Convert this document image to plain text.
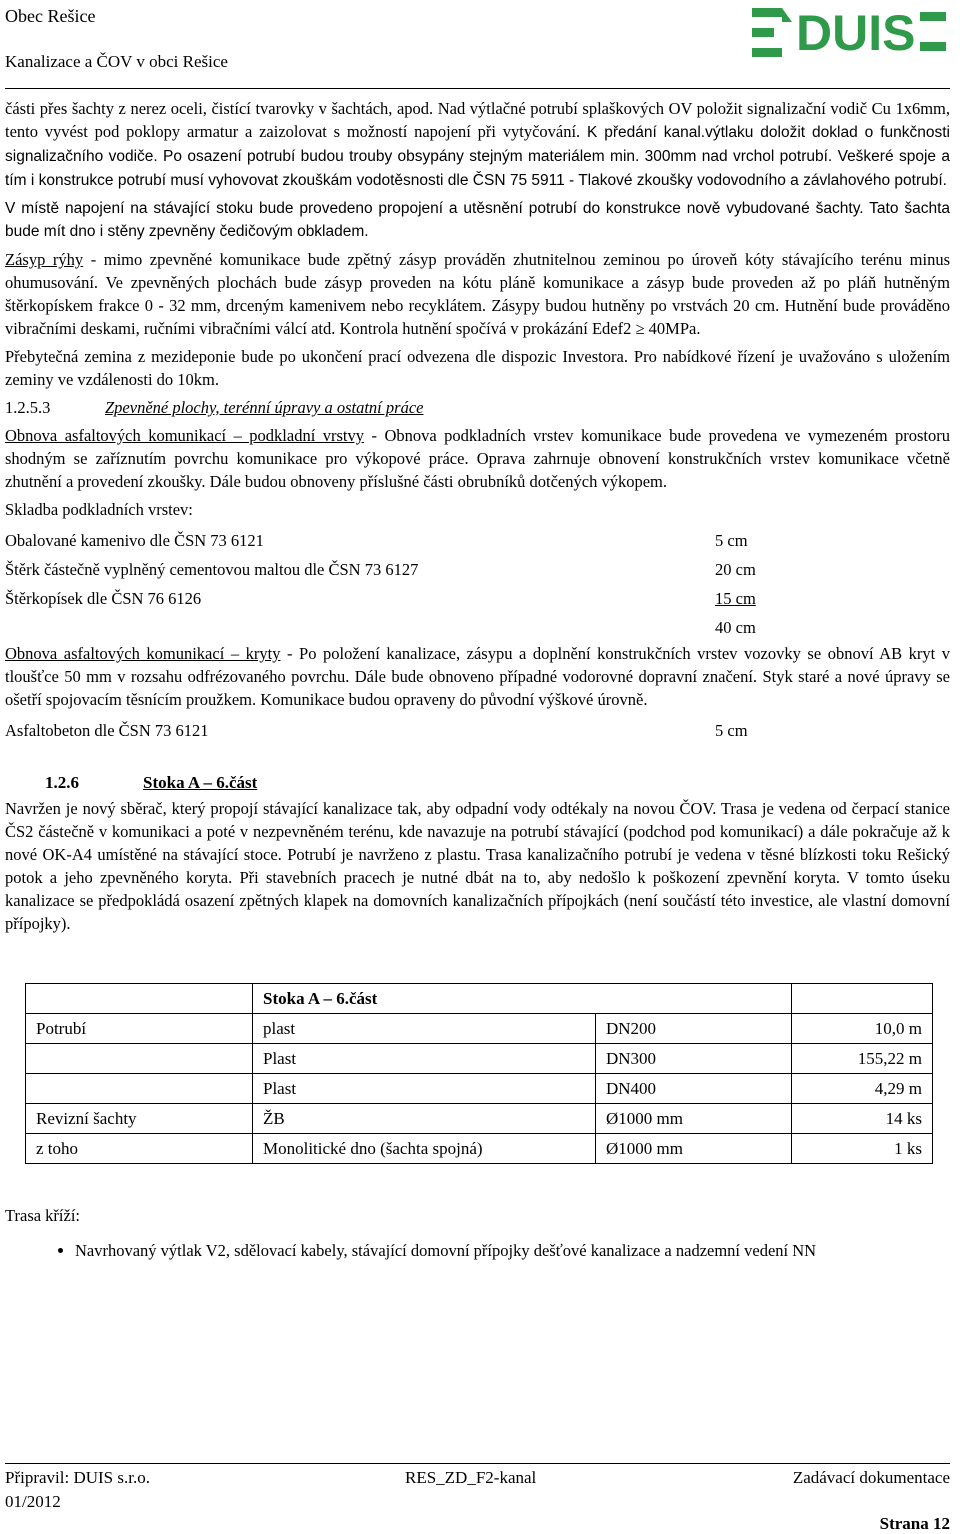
Obec Rešice
Kanalizace a ČOV v obci Rešice
DUIS

části přes šachty z nerez oceli, čistící tvarovky v šachtách, apod. Nad výtlačné potrubí splaškových OV položit signalizační vodič Cu 1x6mm, tento vyvést pod poklopy armatur a zaizolovat s možností napojení při vytyčování. K předání kanal.výtlaku doložit doklad o funkčnosti signalizačního vodiče. Po osazení potrubí budou trouby obsypány stejným materiálem min. 300mm nad vrchol potrubí. Veškeré spoje a tím i konstrukce potrubí musí vyhovovat zkouškám vodotěsnosti dle ČSN 75 5911 - Tlakové zkoušky vodovodního a závlahového potrubí.

V místě napojení na stávající stoku bude provedeno propojení a utěsnění potrubí do konstrukce nově vybudované šachty. Tato šachta bude mít dno i stěny zpevněny čedičovým obkladem.

Zásyp rýhy - mimo zpevněné komunikace bude zpětný zásyp prováděn zhutnitelnou zeminou po úroveň kóty stávajícího terénu minus ohumusování. Ve zpevněných plochách bude zásyp proveden na kótu pláně komunikace a zásyp bude proveden až po pláň hutněným štěrkopískem frakce 0 - 32 mm, drceným kamenivem nebo recyklátem. Zásypy budou hutněny po vrstvách 20 cm. Hutnění bude prováděno vibračními deskami, ručními vibračními válcí atd. Kontrola hutnění spočívá v prokázání Edef2 ≥ 40MPa.

Přebytečná zemina z mezideponie bude po ukončení prací odvezena dle dispozic Investora. Pro nabídkové řízení je uvažováno s uložením zeminy ve vzdálenosti do 10km.

1.2.5.3	Zpevněné plochy, terénní úpravy a ostatní práce

Obnova asfaltových komunikací – podkladní vrstvy - Obnova podkladních vrstev komunikace bude provedena ve vymezeném prostoru shodným se zaříznutím povrchu komunikace pro výkopové práce. Oprava zahrnuje obnovení konstrukčních vrstev komunikace včetně zhutnění a provedení zkoušky. Dále budou obnoveny příslušné části obrubníků dotčených výkopem.

Skladba podkladních vrstev:

Obalované kamenivo dle ČSN 73 6121	5 cm
Štěrk částečně vyplněný cementovou maltou dle ČSN 73 6127	20 cm
Štěrkopísek dle ČSN 76 6126	15 cm
40 cm

Obnova asfaltových komunikací – kryty - Po položení kanalizace, zásypu a doplnění konstrukčních vrstev vozovky se obnoví AB kryt v tloušťce 50 mm v rozsahu odfrézovaného povrchu. Dále bude obnoveno případné vodorovné dopravní značení. Styk staré a nové úpravy se ošetří spojovacím těsnícím proužkem. Komunikace budou opraveny do původní výškové úrovně.

Asfaltobeton dle ČSN 73 6121	5 cm
1.2.6	Stoka A – 6.část

Navržen je nový sběrač, který propojí stávající kanalizace tak, aby odpadní vody odtékaly na novou ČOV. Trasa je vedena od čerpací stanice ČS2 částečně v komunikaci a poté v nezpevněném terénu, kde navazuje na potrubí stávající (podchod pod komunikací) a dále pokračuje až k nové OK-A4 umístěné na stávající stoce. Potrubí je navrženo z plastu. Trasa kanalizačního potrubí je vedena v těsné blízkosti toku Rešický potok a jeho zpevněného koryta. Při stavebních pracech je nutné dbát na to, aby nedošlo k poškození zpevnění koryta. V tomto úseku kanalizace se předpokládá osazení zpětných klapek na domovních kanalizačních přípojkách (není součástí této investice, ale vlastní domovní přípojky).

	Stoka A – 6.část		
Potrubí	plast	DN200	10,0 m
	Plast	DN300	155,22 m
	Plast	DN400	4,29 m
Revizní šachty	ŽB	Ø1000 mm	14 ks
z toho	Monolitické dno (šachta spojná)	Ø1000 mm	1 ks

Trasa kříží:

• Navrhovaný výtlak V2, sdělovací kabely, stávající domovní přípojky dešťové kanalizace a nadzemní vedení NN
Připravil: DUIS s.r.o.	RES_ZD_F2-kanal	Zadávací dokumentace
01/2012
Strana 12
